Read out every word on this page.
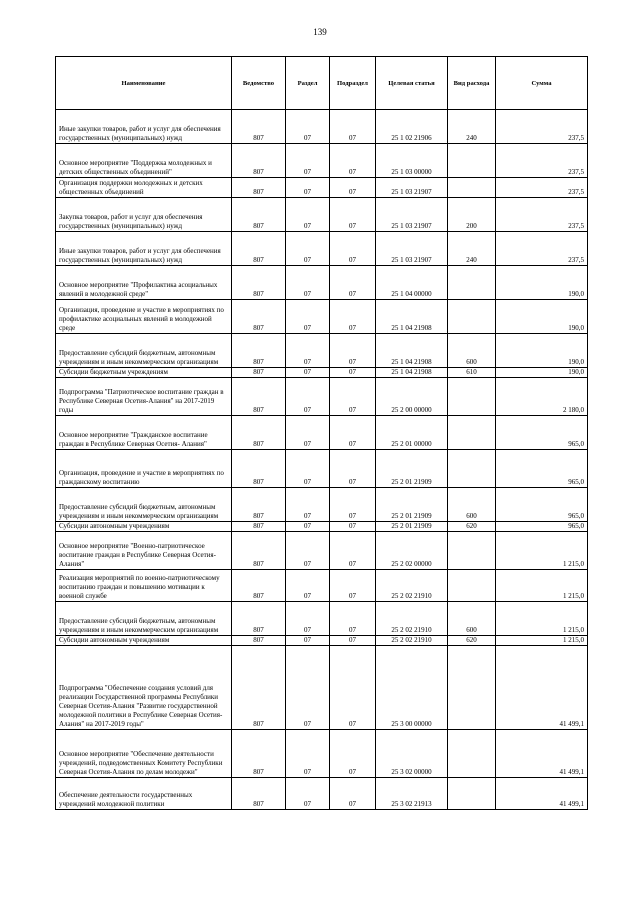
139
Наименование	Ведомство	Раздел	Подраздел	Целевая статья	Вид расхода	Сумма
Иные закупки товаров, работ и услуг для обеспечения государственных (муниципальных) нужд	807	07	07	25 1 02 21906	240	237,5
Основное мероприятие "Поддержка молодежных и детских общественных объединений"	807	07	07	25 1 03 00000		237,5
Организация поддержки молодежных и детских общественных объединений	807	07	07	25 1 03 21907		237,5
Закупка товаров, работ и услуг для обеспечения государственных (муниципальных) нужд	807	07	07	25 1 03 21907	200	237,5
Иные закупки товаров, работ и услуг для обеспечения государственных (муниципальных) нужд	807	07	07	25 1 03 21907	240	237,5
Основное мероприятие "Профилактика асоциальных явлений в молодежной среде"	807	07	07	25 1 04 00000		190,0
Организация, проведение и участие в мероприятиях по профилактике асоциальных явлений в молодежной среде	807	07	07	25 1 04 21908		190,0
Предоставление субсидий бюджетным, автономным учреждениям и иным некоммерческим организациям	807	07	07	25 1 04 21908	600	190,0
Субсидии бюджетным учреждениям	807	07	07	25 1 04 21908	610	190,0
Подпрограмма "Патриотическое воспитание граждан в Республике Северная Осетия-Алания" на 2017-2019 годы	807	07	07	25 2 00 00000		2 180,0
Основное мероприятие "Гражданское воспитание граждан в Республике Северная Осетия- Алания"	807	07	07	25 2 01 00000		965,0
Организация, проведение и участие в мероприятиях по гражданскому воспитанию	807	07	07	25 2 01 21909		965,0
Предоставление субсидий бюджетным, автономным учреждениям и иным некоммерческим организациям	807	07	07	25 2 01 21909	600	965,0
Субсидии автономным учреждениям	807	07	07	25 2 01 21909	620	965,0
Основное мероприятие "Военно-патриотическое воспитание граждан в Республике Северная Осетия- Алания"	807	07	07	25 2 02 00000		1 215,0
Реализация мероприятий по военно-патриотическому воспитанию граждан и повышению мотивации к военной службе	807	07	07	25 2 02 21910		1 215,0
Предоставление субсидий бюджетным, автономным учреждениям и иным некоммерческим организациям	807	07	07	25 2 02 21910	600	1 215,0
Субсидии автономным учреждениям	807	07	07	25 2 02 21910	620	1 215,0
Подпрограмма "Обеспечение создания условий для реализации Государственной программы Республики Северная Осетия-Алания "Развитие государственной молодежной политики в Республике Северная Осетия-Алания" на 2017-2019 годы"	807	07	07	25 3 00 00000		41 499,1
Основное мероприятие "Обеспечение деятельности учреждений, подведомственных Комитету Республики Северная Осетия-Алания по делам молодежи"	807	07	07	25 3 02 00000		41 499,1
Обеспечение деятельности государственных учреждений молодежной политики	807	07	07	25 3 02 21913		41 499,1
